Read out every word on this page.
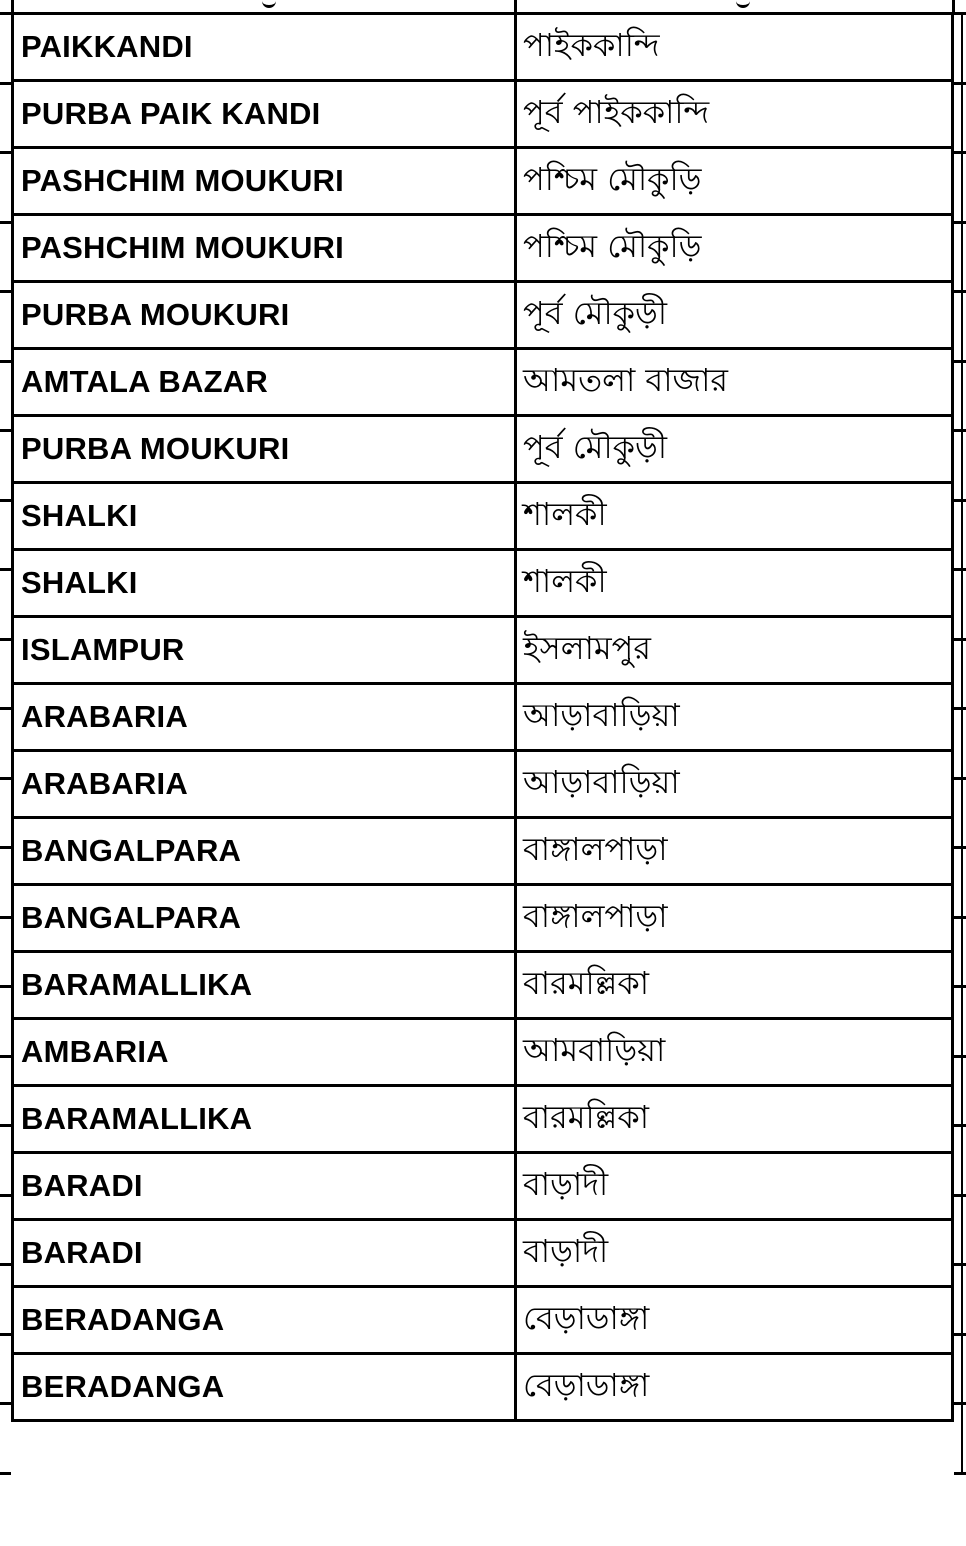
PAIKKANDI	পাইককান্দি
PURBA PAIK KANDI	পূর্ব পাইককান্দি
PASHCHIM MOUKURI	পশ্চিম মৌকুড়ি
PASHCHIM MOUKURI	পশ্চিম মৌকুড়ি
PURBA MOUKURI	পূর্ব মৌকুড়ী
AMTALA BAZAR	আমতলা বাজার
PURBA MOUKURI	পূর্ব মৌকুড়ী
SHALKI	শালকী
SHALKI	শালকী
ISLAMPUR	ইসলামপুর
ARABARIA	আড়াবাড়িয়া
ARABARIA	আড়াবাড়িয়া
BANGALPARA	বাঙ্গালপাড়া
BANGALPARA	বাঙ্গালপাড়া
BARAMALLIKA	বারমল্লিকা
AMBARIA	আমবাড়িয়া
BARAMALLIKA	বারমল্লিকা
BARADI	বাড়াদী
BARADI	বাড়াদী
BERADANGA	বেড়াডাঙ্গা
BERADANGA	বেড়াডাঙ্গা
